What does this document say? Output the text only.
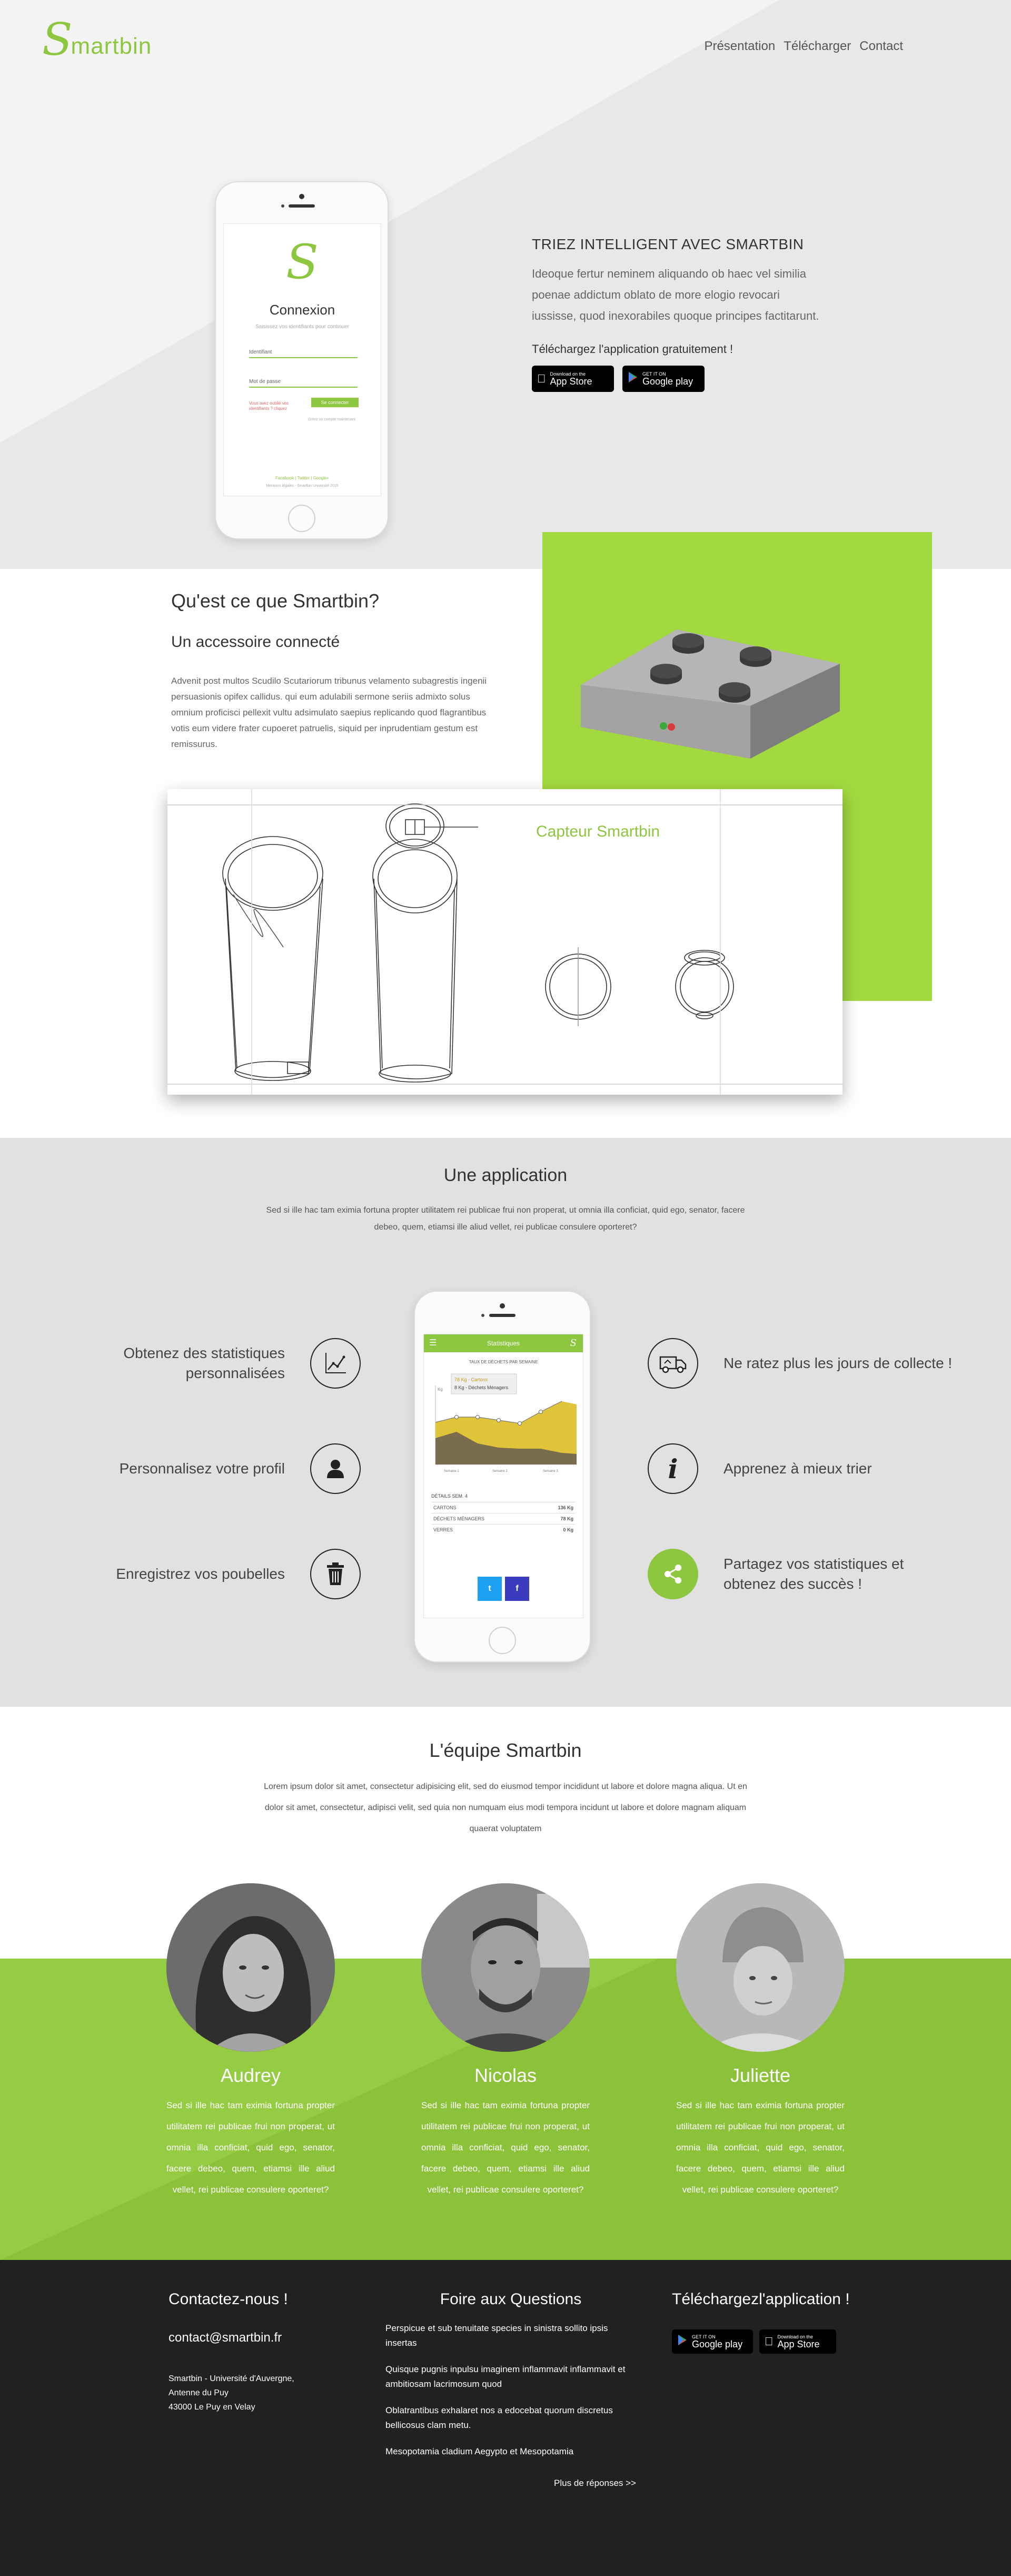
S
martbin	Présentation Télécharger Contact
S
Connexion
Saisissez vos identifiants pour continuer
Identifiant
Mot de passe
Vous avez oublié vos identifiants ? cliquez
Se connecter
Créez un compte maintenant
Facebook | Twitter | Google+
Mentions légales - Smartbin Université 2015
TRIEZ INTELLIGENT AVEC SMARTBIN

Ideoque fertur neminem aliquando ob haec vel similia poenae addictum oblato de more elogio revocari iussisse, quod inexorabiles quoque principes factitarunt.

Téléchargez l'application gratuitement !
Download on the
App Store
GET IT ON
Google play
Qu'est ce que Smartbin?
Un accessoire connecté

Advenit post multos Scudilo Scutariorum tribunus velamento subagrestis ingenii persuasionis opifex callidus. qui eum adulabili sermone seriis admixto solus omnium proficisci pellexit vultu adsimulato saepius replicando quod flagrantibus votis eum videre frater cupoeret patruelis, siquid per inprudentiam gestum est remissurus.

Capteur Smartbin
Une application

Sed si ille hac tam eximia fortuna propter utilitatem rei publicae frui non properat, ut omnia illa conficiat, quid ego, senator, facere debeo, quem, etiamsi ille aliud vellet, rei publicae consulere oporteret?

Obtenez des statistiques personnalisées
Personnalisez votre profil
Enregistrez vos poubelles
Ne ratez plus les jours de collecte !
i	Apprenez à mieux trier
Partagez vos statistiques et obtenez des succès !
☰	Statistiques	S
TAUX DE DÉCHETS PAR SEMAINE
Kg
78 Kg - Cartons
8 Kg - Déchets Ménagers
Semaine 1	Semaine 2	Semaine 3
DÉTAILS SEM. 4
CARTONS	136 Kg
DÉCHETS MÉNAGERS	78 Kg
VERRES	0 Kg
t	f
L'équipe Smartbin

Lorem ipsum dolor sit amet, consectetur adipisicing elit, sed do eiusmod tempor incididunt ut labore et dolore magna aliqua. Ut en dolor sit amet, consectetur, adipisci velit, sed quia non numquam eius modi tempora incidunt ut labore et dolore magnam aliquam quaerat voluptatem

Audrey

Sed si ille hac tam eximia fortuna propter utilitatem rei publicae frui non properat, ut omnia illa conficiat, quid ego, senator, facere debeo, quem, etiamsi ille aliud vellet, rei publicae consulere oporteret?

Nicolas

Sed si ille hac tam eximia fortuna propter utilitatem rei publicae frui non properat, ut omnia illa conficiat, quid ego, senator, facere debeo, quem, etiamsi ille aliud vellet, rei publicae consulere oporteret?

Juliette

Sed si ille hac tam eximia fortuna propter utilitatem rei publicae frui non properat, ut omnia illa conficiat, quid ego, senator, facere debeo, quem, etiamsi ille aliud vellet, rei publicae consulere oporteret?

Contactez-nous !
contact@smartbin.fr
Smartbin - Université d'Auvergne,
Antenne du Puy
43000 Le Puy en Velay
Foire aux Questions
Perspicue et sub tenuitate species in sinistra sollito ipsis insertas
Quisque pugnis inpulsu imaginem inflammavit inflammavit et ambitiosam lacrimosum quod
Oblatrantibus exhalaret nos a edocebat quorum discretus bellicosus clam metu.
Mesopotamia cladium Aegypto et Mesopotamia
Plus de réponses >>
Téléchargezl'application !
GET IT ON
Google play
Download on the
App Store
